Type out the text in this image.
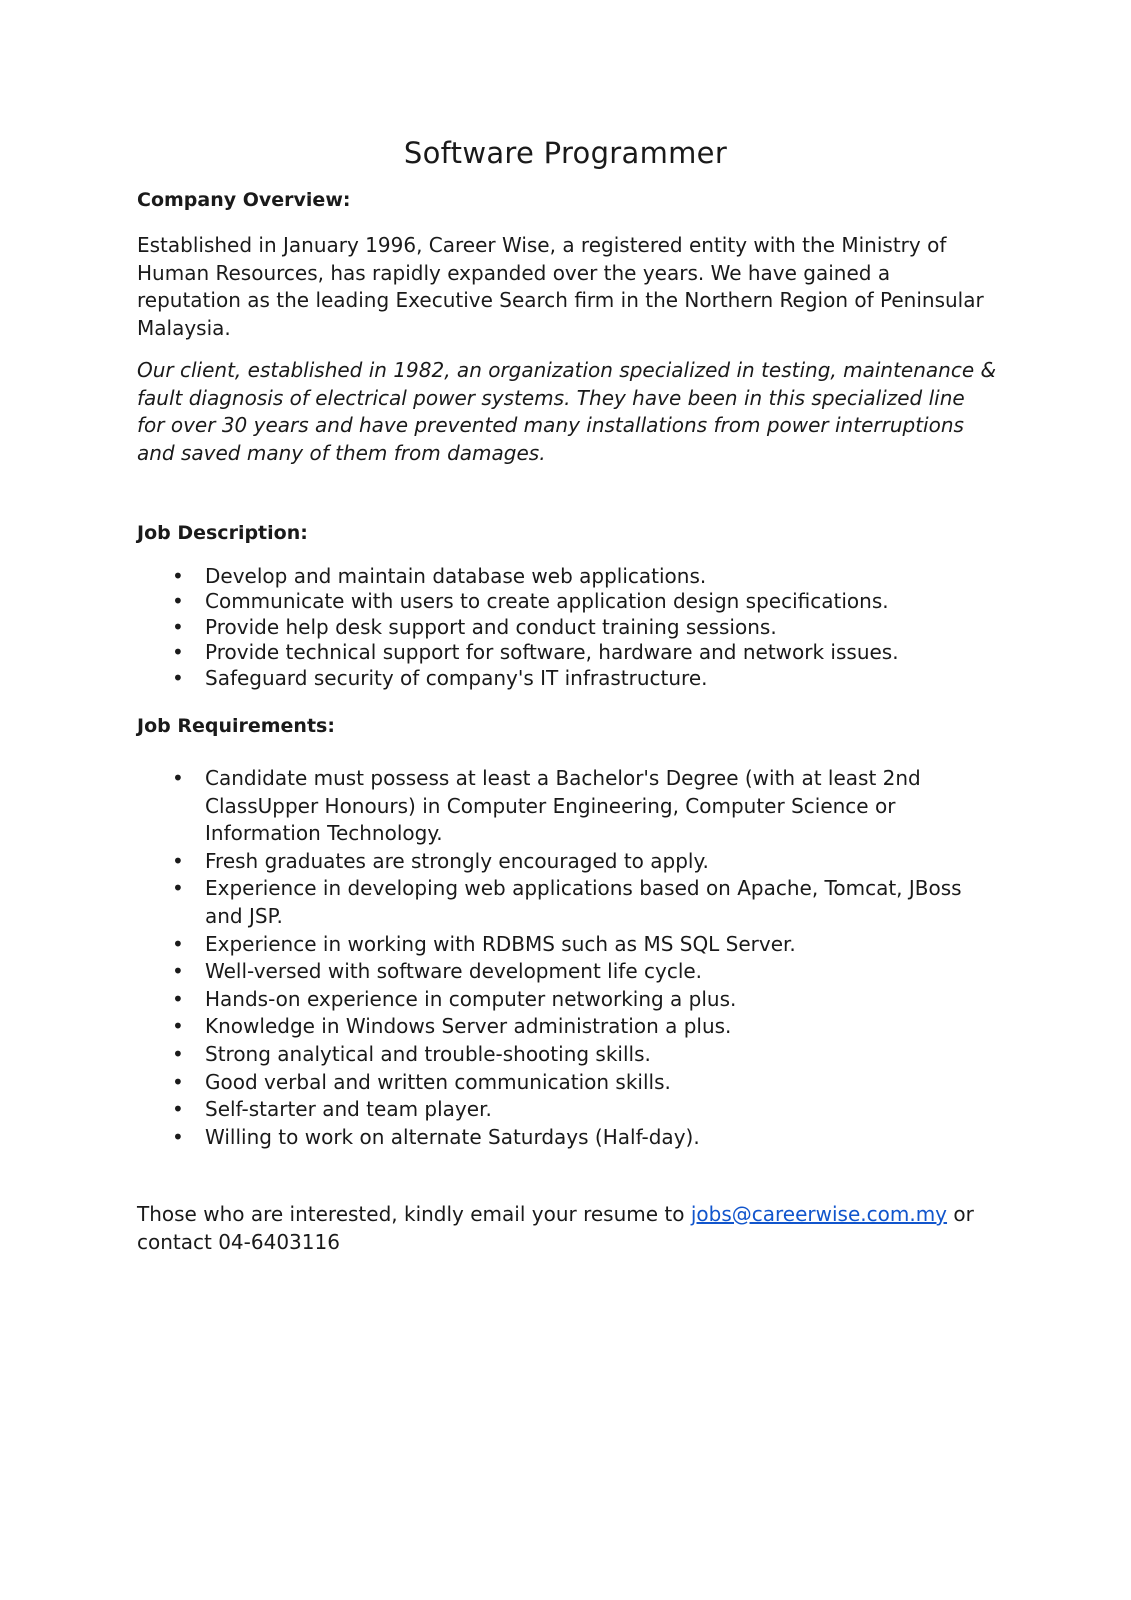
Software Programmer
Company Overview:

Established in January 1996, Career Wise, a registered entity with the Ministry of Human Resources, has rapidly expanded over the years. We have gained a reputation as the leading Executive Search firm in the Northern Region of Peninsular Malaysia.

Our client, established in 1982, an organization specialized in testing, maintenance & fault diagnosis of electrical power systems. They have been in this specialized line for over 30 years and have prevented many installations from power interruptions and saved many of them from damages.

Job Description:
• Develop and maintain database web applications.
• Communicate with users to create application design specifications.
• Provide help desk support and conduct training sessions.
• Provide technical support for software, hardware and network issues.
• Safeguard security of company's IT infrastructure.
Job Requirements:
• Candidate must possess at least a Bachelor's Degree (with at least 2nd ClassUpper Honours) in Computer Engineering, Computer Science or Information Technology.
• Fresh graduates are strongly encouraged to apply.
• Experience in developing web applications based on Apache, Tomcat, JBoss and JSP.
• Experience in working with RDBMS such as MS SQL Server.
• Well-versed with software development life cycle.
• Hands-on experience in computer networking a plus.
• Knowledge in Windows Server administration a plus.
• Strong analytical and trouble-shooting skills.
• Good verbal and written communication skills.
• Self-starter and team player.
• Willing to work on alternate Saturdays (Half-day).

Those who are interested, kindly email your resume to jobs@careerwise.com.my or contact 04-6403116
